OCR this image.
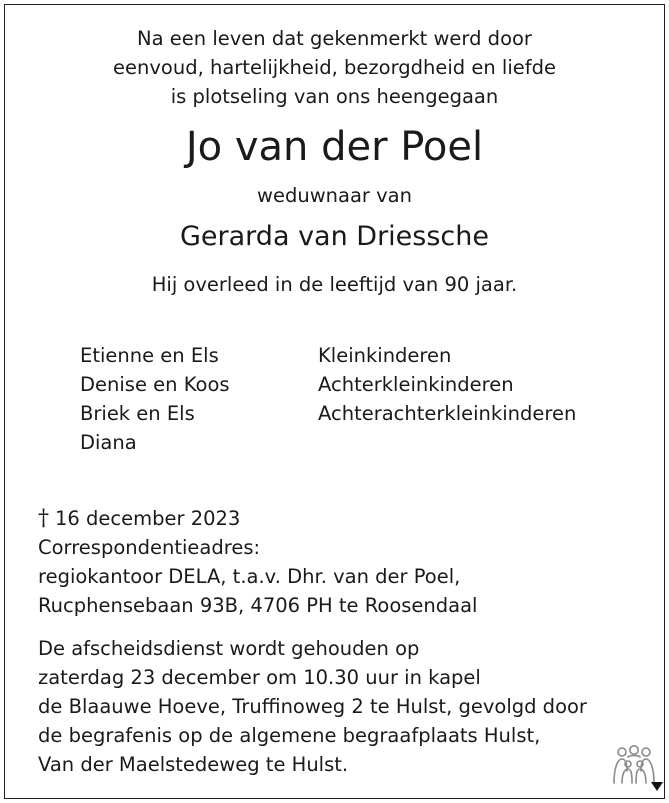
Na een leven dat gekenmerkt werd door
eenvoud, hartelijkheid, bezorgdheid en liefde
is plotseling van ons heengegaan
Jo van der Poel
weduwnaar van
Gerarda van Driessche
Hij overleed in de leeftijd van 90 jaar.
Etienne en Els
Denise en Koos
Briek en Els
Diana
Kleinkinderen
Achterkleinkinderen
Achterachterkleinkinderen
† 16 december 2023
Correspondentieadres:
regiokantoor DELA, t.a.v. Dhr. van der Poel,
Rucphensebaan 93B, 4706 PH te Roosendaal
De afscheidsdienst wordt gehouden op
zaterdag 23 december om 10.30 uur in kapel
de Blaauwe Hoeve, Truffinoweg 2 te Hulst, gevolgd door
de begrafenis op de algemene begraafplaats Hulst,
Van der Maelstedeweg te Hulst.
